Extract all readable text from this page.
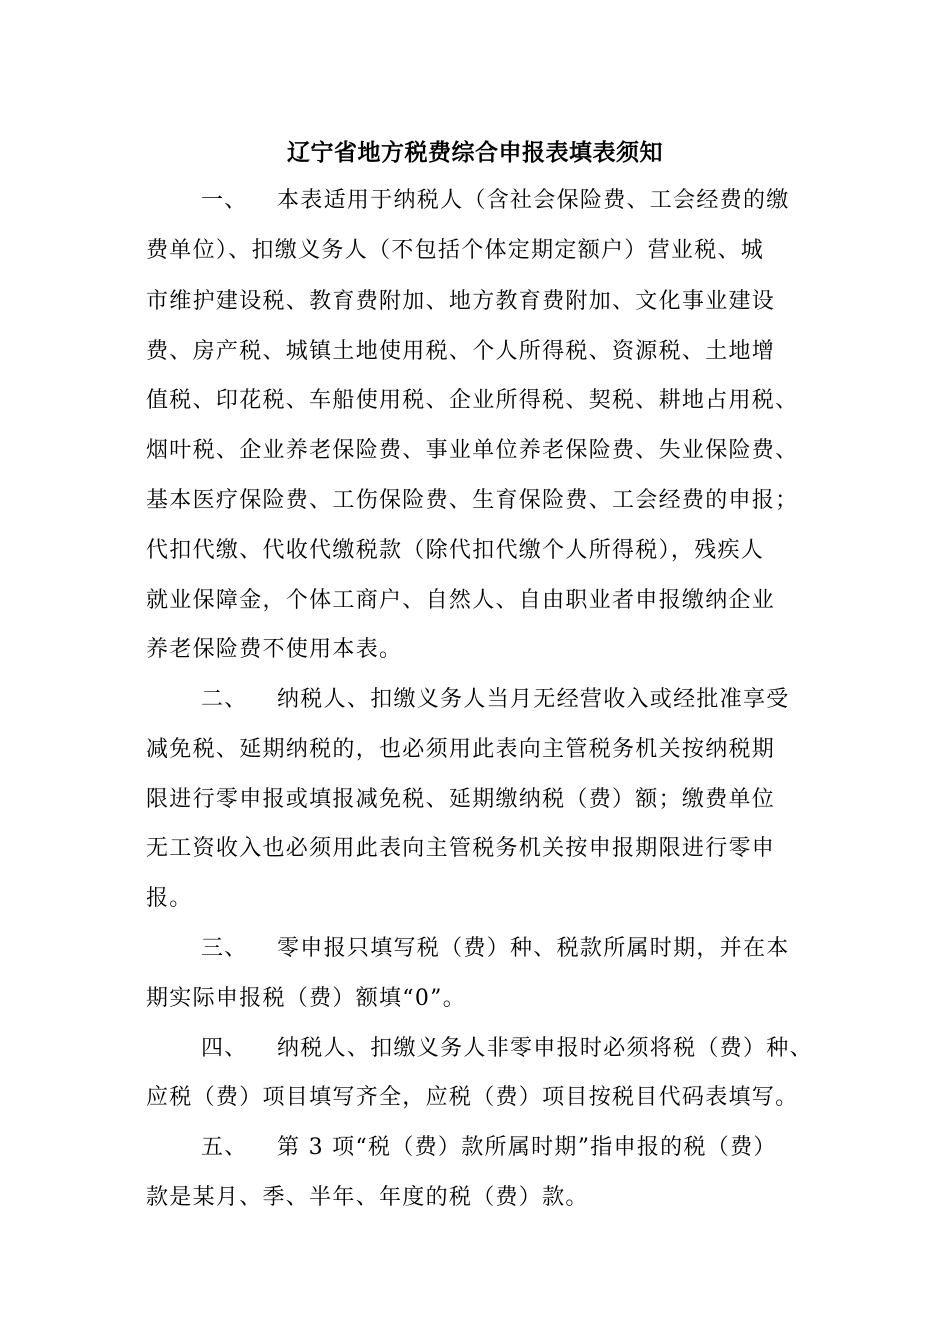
辽宁省地方税费综合申报表填表须知
一、 本表适用于纳税人（含社会保险费、工会经费的缴
费单位）、扣缴义务人（不包括个体定期定额户）营业税、城
市维护建设税、教育费附加、地方教育费附加、文化事业建设
费、房产税、城镇土地使用税、个人所得税、资源税、土地增
值税、印花税、车船使用税、企业所得税、契税、耕地占用税、
烟叶税、企业养老保险费、事业单位养老保险费、失业保险费、
基本医疗保险费、工伤保险费、生育保险费、工会经费的申报；
代扣代缴、代收代缴税款（除代扣代缴个人所得税），残疾人
就业保障金，个体工商户、自然人、自由职业者申报缴纳企业
养老保险费不使用本表。
二、 纳税人、扣缴义务人当月无经营收入或经批准享受
减免税、延期纳税的，也必须用此表向主管税务机关按纳税期
限进行零申报或填报减免税、延期缴纳税（费）额；缴费单位
无工资收入也必须用此表向主管税务机关按申报期限进行零申
报。
三、 零申报只填写税（费）种、税款所属时期，并在本
期实际申报税（费）额填“0”。
四、 纳税人、扣缴义务人非零申报时必须将税（费）种、
应税（费）项目填写齐全，应税（费）项目按税目代码表填写。
五、 第 3 项“税（费）款所属时期”指申报的税（费）
款是某月、季、半年、年度的税（费）款。
